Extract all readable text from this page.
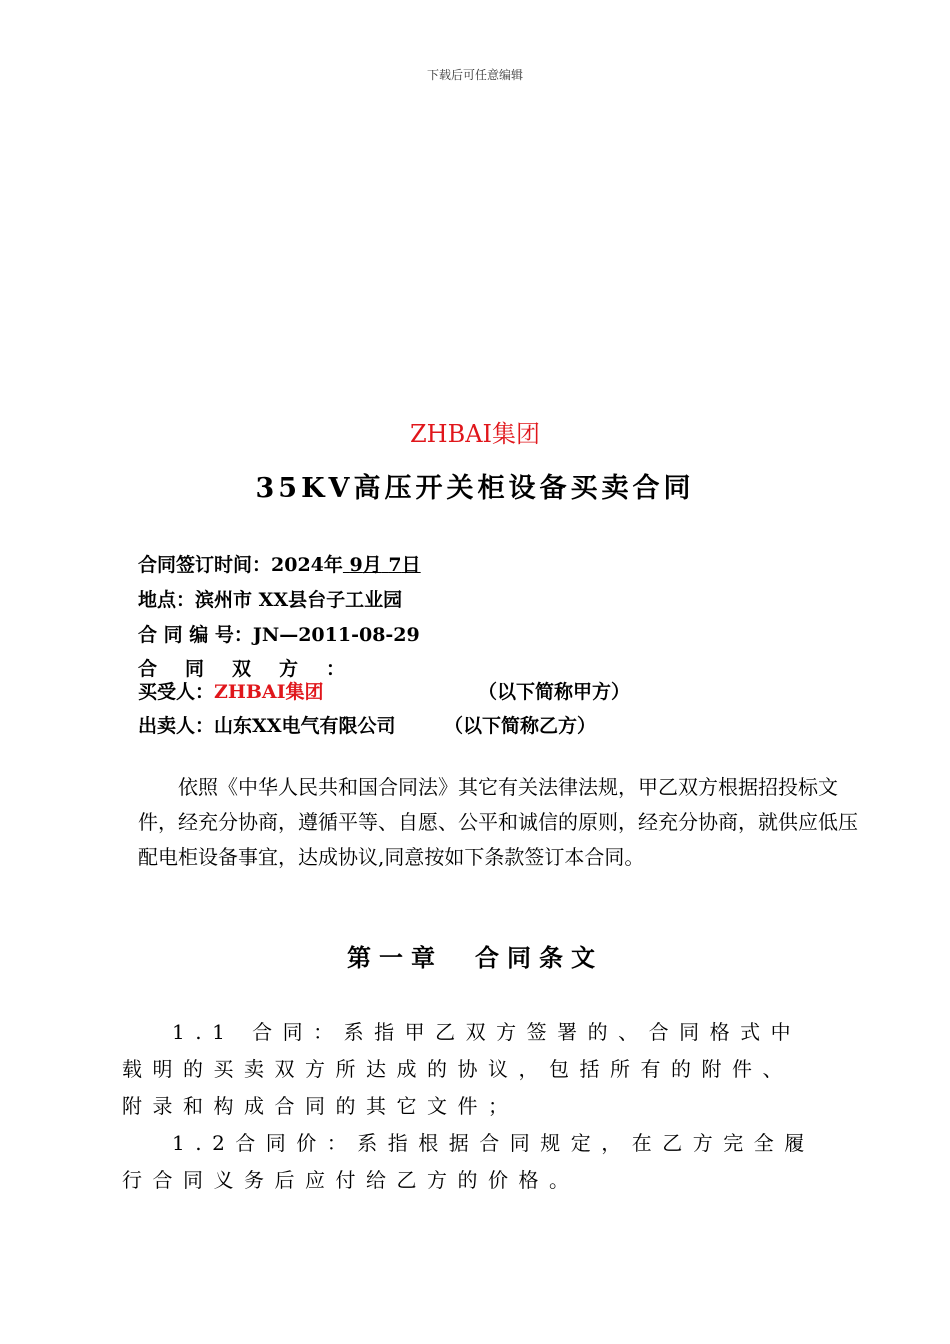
下载后可任意编辑
ZHBAI集团
35KV高压开关柜设备买卖合同
合同签订时间：2024年 9月 7日
地点：滨州市 XX县台子工业园
合 同 编 号：JN—2011-08-29
合同双方：
买受人：ZHBAI集团	（以下简称甲方）
出卖人：山东XX电气有限公司	（以下简称乙方）
依照《中华人民共和国合同法》其它有关法律法规，甲乙双方根据招投标文件，经充分协商，遵循平等、自愿、公平和诚信的原则，经充分协商，就供应低压配电柜设备事宜，达成协议,同意按如下条款签订本合同。
第一章　合同条文
1.1 合同：系指甲乙双方签署的、合同格式中
载明的买卖双方所达成的协议，包括所有的附件、
附录和构成合同的其它文件；
1.2合同价：系指根据合同规定，在乙方完全履
行合同义务后应付给乙方的价格。
